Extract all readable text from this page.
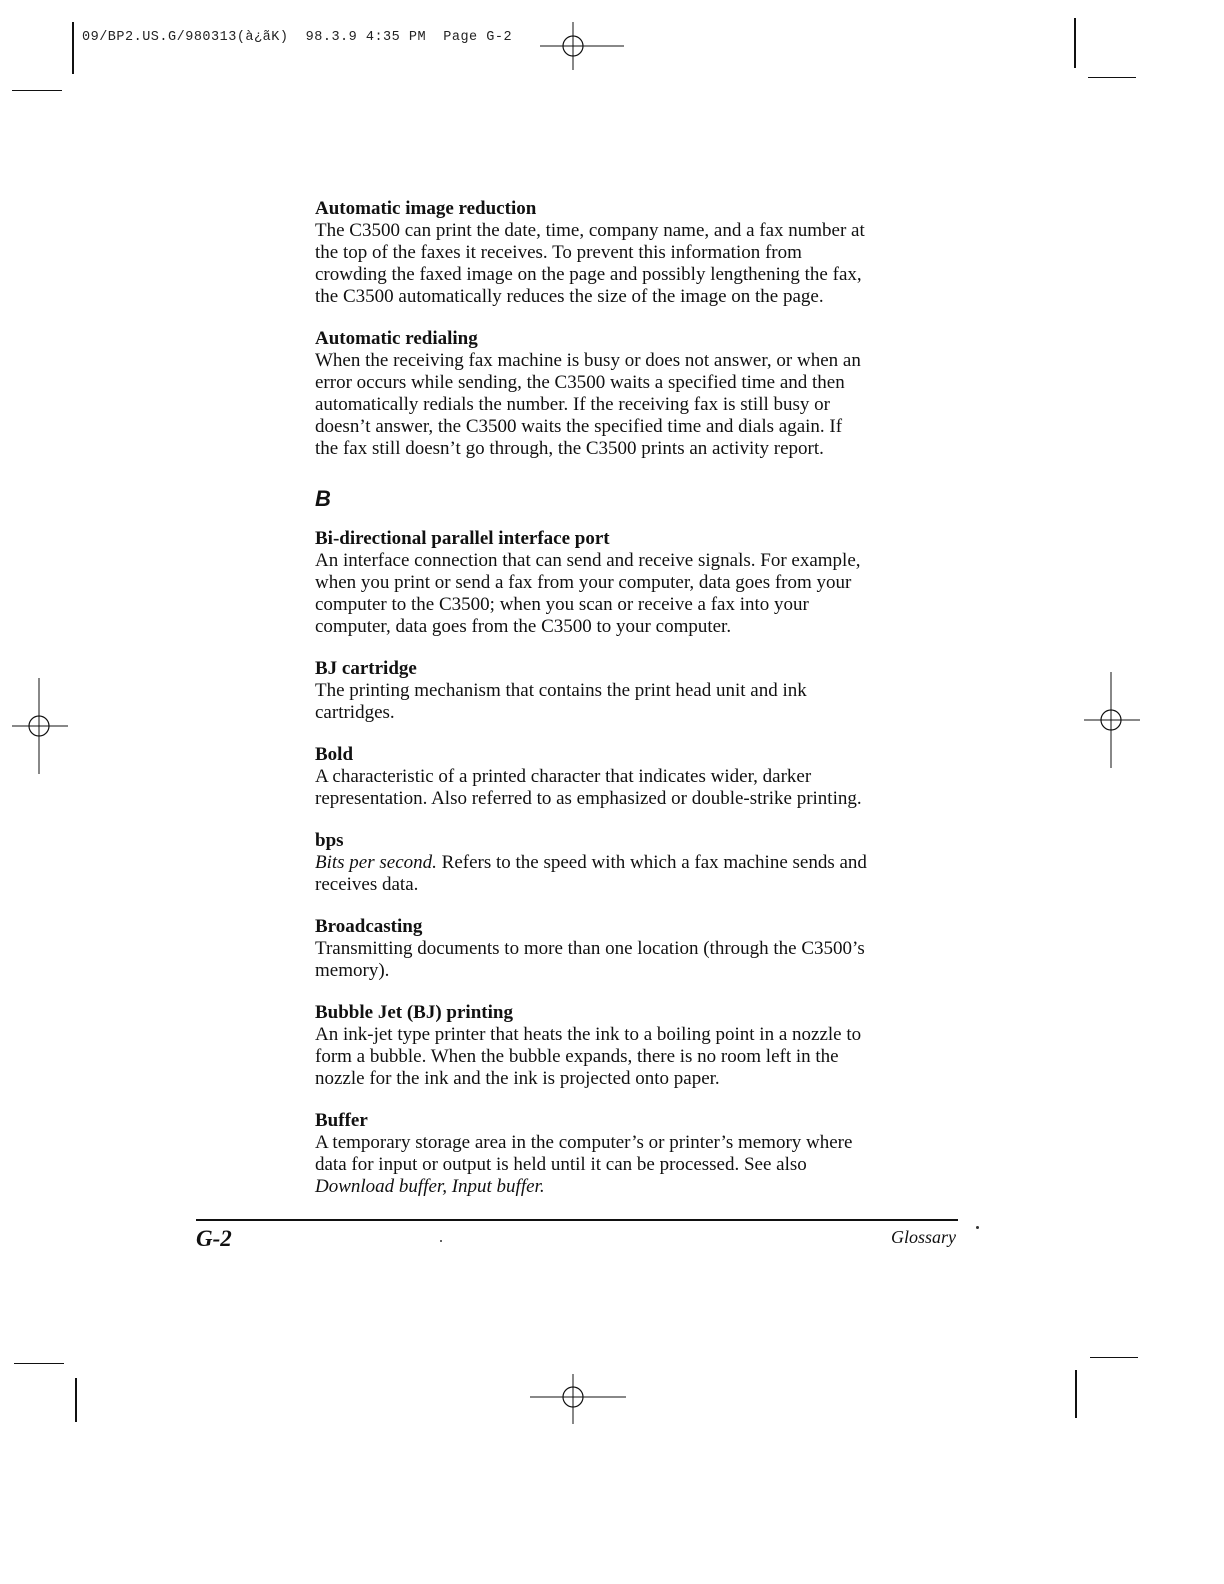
09/BP2.US.G/980313(à¿ãK)  98.3.9 4:35 PM  Page G-2
Automatic image reduction
The C3500 can print the date, time, company name, and a fax number at
the top of the faxes it receives. To prevent this information from
crowding the faxed image on the page and possibly lengthening the fax,
the C3500 automatically reduces the size of the image on the page.
Automatic redialing
When the receiving fax machine is busy or does not answer, or when an
error occurs while sending, the C3500 waits a specified time and then
automatically redials the number. If the receiving fax is still busy or
doesn’t answer, the C3500 waits the specified time and dials again. If
the fax still doesn’t go through, the C3500 prints an activity report.
B
Bi-directional parallel interface port
An interface connection that can send and receive signals. For example,
when you print or send a fax from your computer, data goes from your
computer to the C3500; when you scan or receive a fax into your
computer, data goes from the C3500 to your computer.
BJ cartridge
The printing mechanism that contains the print head unit and ink
cartridges.
Bold
A characteristic of a printed character that indicates wider, darker
representation. Also referred to as emphasized or double-strike printing.
bps
Bits per second. Refers to the speed with which a fax machine sends and
receives data.
Broadcasting
Transmitting documents to more than one location (through the C3500’s
memory).
Bubble Jet (BJ) printing
An ink-jet type printer that heats the ink to a boiling point in a nozzle to
form a bubble. When the bubble expands, there is no room left in the
nozzle for the ink and the ink is projected onto paper.
Buffer
A temporary storage area in the computer’s or printer’s memory where
data for input or output is held until it can be processed. See also
Download buffer, Input buffer.
G-2	Glossary
